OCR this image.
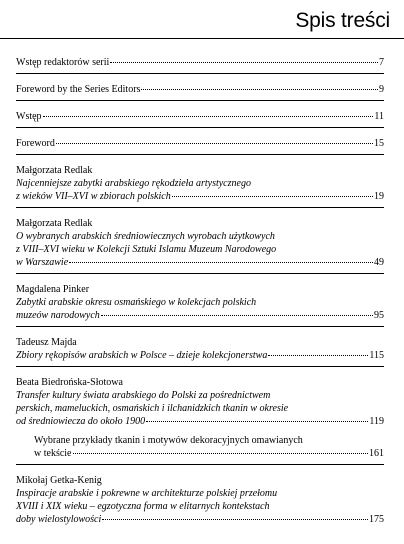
Spis treści
Wstęp redaktorów serii	7
Foreword by the Series Editors	9
Wstęp	11
Foreword	15
Małgorzata Redlak
Najcenniejsze zabytki arabskiego rękodzieła artystycznego
z wieków VII–XVI w zbiorach polskich	19
Małgorzata Redlak
O wybranych arabskich średniowiecznych wyrobach użytkowych
z VIII–XVI wieku w Kolekcji Sztuki Islamu Muzeum Narodowego
w Warszawie	49
Magdalena Pinker
Zabytki arabskie okresu osmańskiego w kolekcjach polskich
muzeów narodowych	95
Tadeusz Majda
Zbiory rękopisów arabskich w Polsce – dzieje kolekcjonerstwa	115
Beata Biedrońska-Słotowa
Transfer kultury świata arabskiego do Polski za pośrednictwem
perskich, mameluckich, osmańskich i ilchanidzkich tkanin w okresie
od średniowiecza do około 1900	119
Wybrane przykłady tkanin i motywów dekoracyjnych omawianych
w tekście	161
Mikołaj Getka-Kenig
Inspiracje arabskie i pokrewne w architekturze polskiej przełomu
XVIII i XIX wieku – egzotyczna forma w elitarnych kontekstach
doby wielostylowości	175
